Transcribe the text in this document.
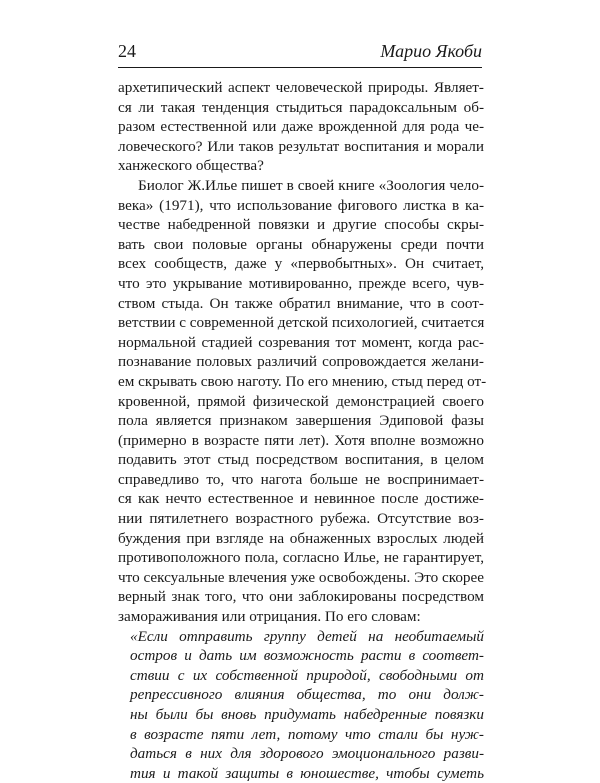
24	Марио Якоби
архетипический аспект человеческой природы. Являет-
ся ли такая тенденция стыдиться парадоксальным об-
разом естественной или даже врожденной для рода че-
ловеческого? Или таков результат воспитания и морали
ханжеского общества?
Биолог Ж.Илье пишет в своей книге «Зоология чело-
века» (1971), что использование фигового листка в ка-
честве набедренной повязки и другие способы скры-
вать свои половые органы обнаружены среди почти
всех сообществ, даже у «первобытных». Он считает,
что это укрывание мотивированно, прежде всего, чув-
ством стыда. Он также обратил внимание, что в соот-
ветствии с современной детской психологией, считается
нормальной стадией созревания тот момент, когда рас-
познавание половых различий сопровождается желани-
ем скрывать свою наготу. По его мнению, стыд перед от-
кровенной, прямой физической демонстрацией своего
пола является признаком завершения Эдиповой фазы
(примерно в возрасте пяти лет). Хотя вполне возможно
подавить этот стыд посредством воспитания, в целом
справедливо то, что нагота больше не воспринимает-
ся как нечто естественное и невинное после достиже-
нии пятилетнего возрастного рубежа. Отсутствие воз-
буждения при взгляде на обнаженных взрослых людей
противоположного пола, согласно Илье, не гарантирует,
что сексуальные влечения уже освобождены. Это скорее
верный знак того, что они заблокированы посредством
замораживания или отрицания. По его словам:
«Если отправить группу детей на необитаемый
остров и дать им возможность расти в соответ-
ствии с их собственной природой, свободными от
репрессивного влияния общества, то они долж-
ны были бы вновь придумать набедренные повязки
в возрасте пяти лет, потому что стали бы нуж-
даться в них для здорового эмоционального разви-
тия и такой защиты в юношестве, чтобы суметь
